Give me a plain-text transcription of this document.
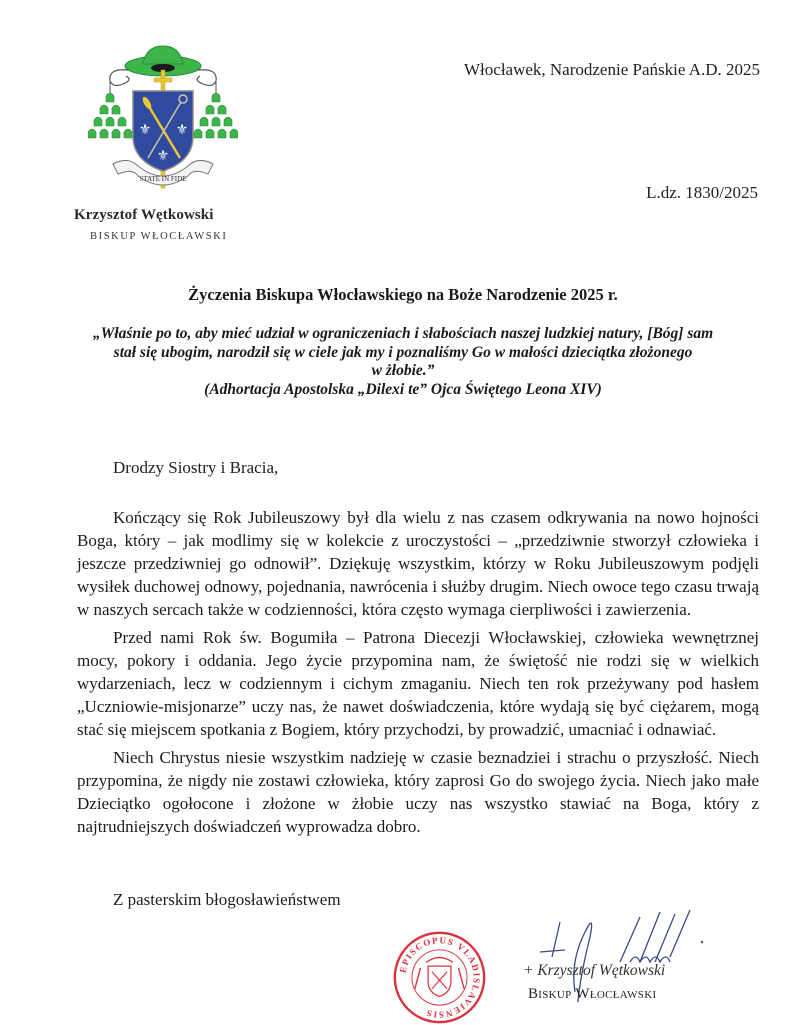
⚜ ⚜
⚜
STATE IN FIDE
Krzysztof Wętkowski
BISKUP WŁOCŁAWSKI
Włocławek, Narodzenie Pańskie A.D. 2025
L.dz. 1830/2025
Życzenia Biskupa Włocławskiego na Boże Narodzenie 2025 r.
„Właśnie po to, aby mieć udział w ograniczeniach i słabościach naszej ludzkiej natury, [Bóg] sam
stał się ubogim, narodził się w ciele jak my i poznaliśmy Go w małości dzieciątka złożonego
w żłobie.”
(Adhortacja Apostolska „Dilexi te” Ojca Świętego Leona XIV)
Drodzy Siostry i Bracia,

Kończący się Rok Jubileuszowy był dla wielu z nas czasem odkrywania na nowo hojności Boga, który – jak modlimy się w kolekcie z uroczystości – „przedziwnie stworzył człowieka i jeszcze przedziwniej go odnowił”. Dziękuję wszystkim, którzy w Roku Jubileuszowym podjęli wysiłek duchowej odnowy, pojednania, nawrócenia i służby drugim. Niech owoce tego czasu trwają w naszych sercach także w codzienności, która często wymaga cierpliwości i zawierzenia.

Przed nami Rok św. Bogumiła – Patrona Diecezji Włocławskiej, człowieka wewnętrznej mocy, pokory i oddania. Jego życie przypomina nam, że świętość nie rodzi się w wielkich wydarzeniach, lecz w codziennym i cichym zmaganiu. Niech ten rok przeżywany pod hasłem „Uczniowie-misjonarze” uczy nas, że nawet doświadczenia, które wydają się być ciężarem, mogą stać się miejscem spotkania z Bogiem, który przychodzi, by prowadzić, umacniać i odnawiać.

Niech Chrystus niesie wszystkim nadzieję w czasie beznadziei i strachu o przyszłość. Niech przypomina, że nigdy nie zostawi człowieka, który zaprosi Go do swojego życia. Niech jako małe Dzieciątko ogołocone i złożone w żłobie uczy nas wszystko stawiać na Boga, który z najtrudniejszych doświadczeń wyprowadza dobro.

Z pasterskim błogosławieństwem
EPISCOPUS VLADISLAVIENSIS
+ Krzysztof Wętkowski
Biskup Włocławski
